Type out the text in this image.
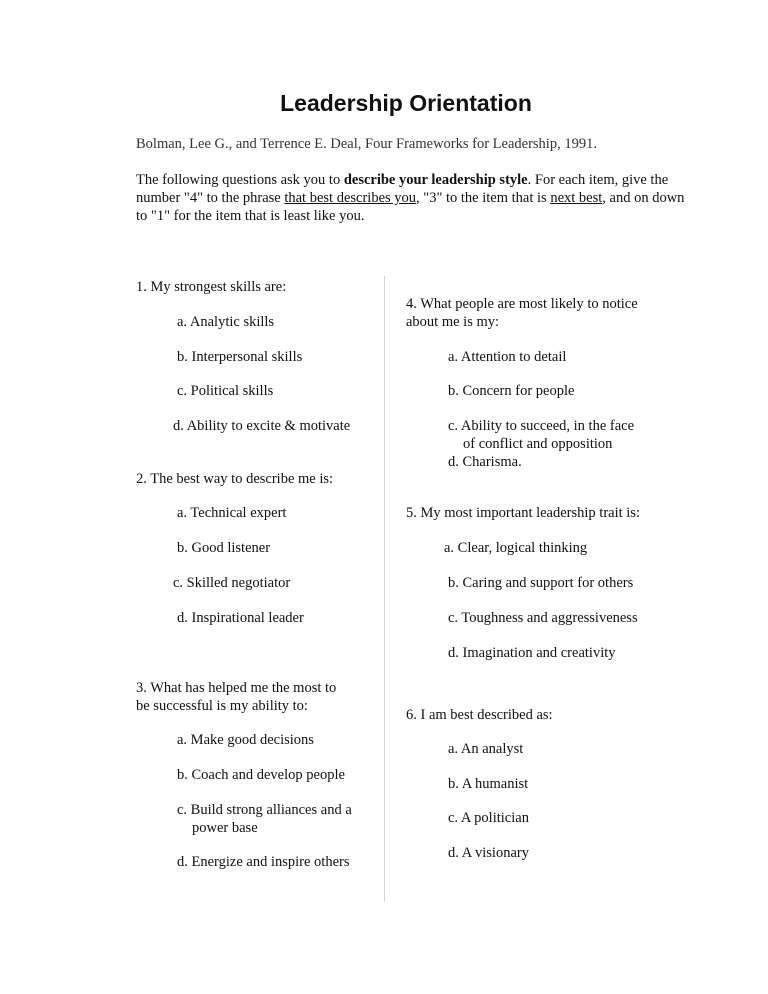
Leadership Orientation
Bolman, Lee G., and Terrence E. Deal, Four Frameworks for Leadership, 1991.
The following questions ask you to describe your leadership style. For each item, give the number "4" to the phrase that best describes you, "3" to the item that is next best, and on down to "1" for the item that is least like you.
1. My strongest skills are:
a. Analytic skills
b. Interpersonal skills
c. Political skills
d. Ability to excite & motivate
2. The best way to describe me is:
a. Technical expert
b. Good listener
c. Skilled negotiator
d. Inspirational leader
3. What has helped me the most to
be successful is my ability to:
a. Make good decisions
b. Coach and develop people
c. Build strong alliances and a
power base
d. Energize and inspire others
4. What people are most likely to notice
about me is my:
a. Attention to detail
b. Concern for people
c. Ability to succeed, in the face
of conflict and opposition
d. Charisma.
5. My most important leadership trait is:
a. Clear, logical thinking
b. Caring and support for others
c. Toughness and aggressiveness
d. Imagination and creativity
6. I am best described as:
a. An analyst
b. A humanist
c. A politician
d. A visionary
